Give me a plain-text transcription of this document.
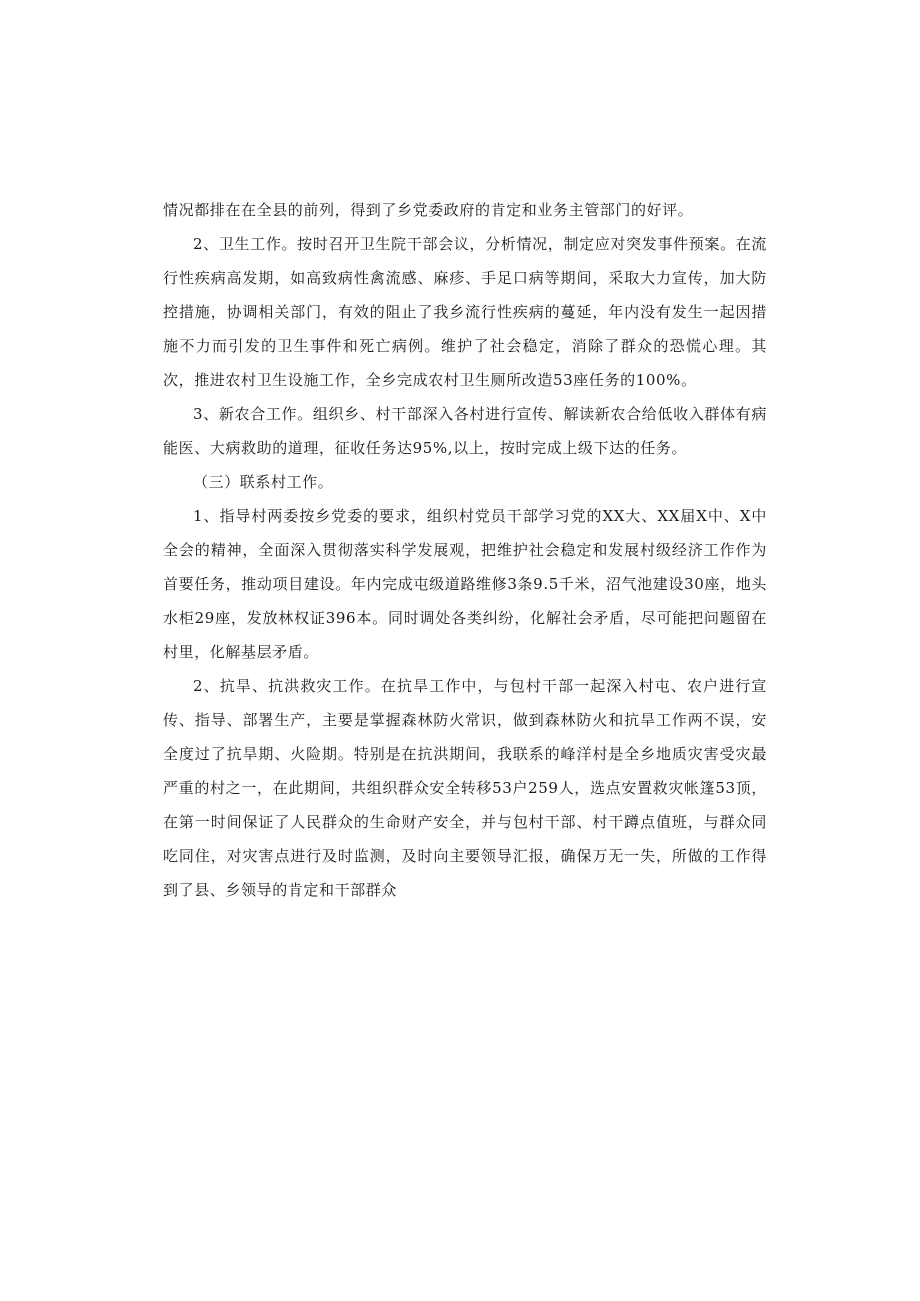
情况都排在在全县的前列，得到了乡党委政府的肯定和业务主管部门的好评。

2、卫生工作。按时召开卫生院干部会议，分析情况，制定应对突发事件预案。在流行性疾病高发期，如高致病性禽流感、麻疹、手足口病等期间，采取大力宣传，加大防控措施，协调相关部门，有效的阻止了我乡流行性疾病的蔓延，年内没有发生一起因措施不力而引发的卫生事件和死亡病例。维护了社会稳定，消除了群众的恐慌心理。其次，推进农村卫生设施工作，全乡完成农村卫生厕所改造53座任务的100%。

3、新农合工作。组织乡、村干部深入各村进行宣传、解读新农合给低收入群体有病能医、大病救助的道理，征收任务达95%,以上，按时完成上级下达的任务。

（三）联系村工作。

1、指导村两委按乡党委的要求，组织村党员干部学习党的XX大、XX届X中、X中全会的精神，全面深入贯彻落实科学发展观，把维护社会稳定和发展村级经济工作作为首要任务，推动项目建设。年内完成屯级道路维修3条9.5千米，沼气池建设30座，地头水柜29座，发放林权证396本。同时调处各类纠纷，化解社会矛盾，尽可能把问题留在村里，化解基层矛盾。

2、抗旱、抗洪救灾工作。在抗旱工作中，与包村干部一起深入村屯、农户进行宣传、指导、部署生产，主要是掌握森林防火常识，做到森林防火和抗旱工作两不误，安全度过了抗旱期、火险期。特别是在抗洪期间，我联系的峰洋村是全乡地质灾害受灾最严重的村之一，在此期间，共组织群众安全转移53户259人，选点安置救灾帐篷53顶，在第一时间保证了人民群众的生命财产安全，并与包村干部、村干蹲点值班，与群众同吃同住，对灾害点进行及时监测，及时向主要领导汇报，确保万无一失，所做的工作得到了县、乡领导的肯定和干部群众
